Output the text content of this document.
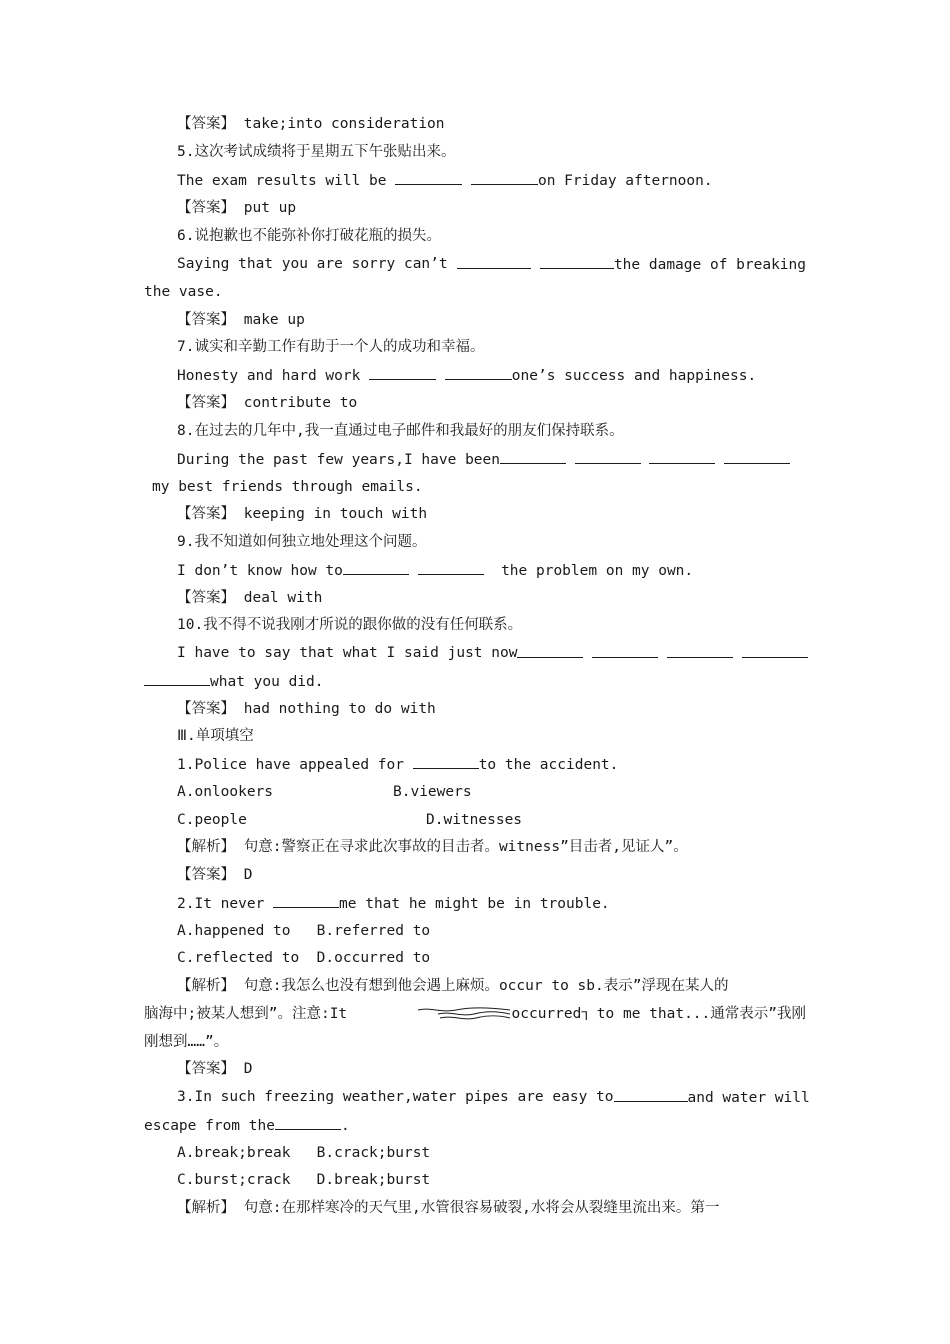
【答案】 take;into consideration
5.这次考试成绩将于星期五下午张贴出来。
The exam results will be	on Friday afternoon.
【答案】 put up
6.说抱歉也不能弥补你打破花瓶的损失。
Saying that you are sorry can’t	the damage of breaking
the vase.
【答案】 make up
7.诚实和辛勤工作有助于一个人的成功和幸福。
Honesty and hard work	one’s success and happiness.
【答案】 contribute to
8.在过去的几年中,我一直通过电子邮件和我最好的朋友们保持联系。
During the past few years,I have been
my best friends through emails.
【答案】 keeping in touch with
9.我不知道如何独立地处理这个问题。
I don’t know how to	the problem on my own.
【答案】 deal with
10.我不得不说我刚才所说的跟你做的没有任何联系。
I have to say that what I said just now

what you did.
【答案】 had nothing to do with
Ⅲ.单项填空
1.Police have appealed for	to the accident.
A.onlookers	B.viewers
C.people	D.witnesses
【解析】 句意:警察正在寻求此次事故的目击者。witness”目击者,见证人”。
【答案】 D
2.It never	me that he might be in trouble.
A.happened to   B.referred to
C.reflected to  D.occurred to
【解析】 句意:我怎么也没有想到他会遇上麻烦。occur to sb.表示”浮现在某人的
脑海中;被某人想到”。注意:It	occurredꞀ to me that...通常表示”我刚
刚想到……”。
【答案】 D
3.In such freezing weather,water pipes are easy to	and water will
escape from the	.
A.break;break   B.crack;burst
C.burst;crack   D.break;burst
【解析】 句意:在那样寒冷的天气里,水管很容易破裂,水将会从裂缝里流出来。第一
